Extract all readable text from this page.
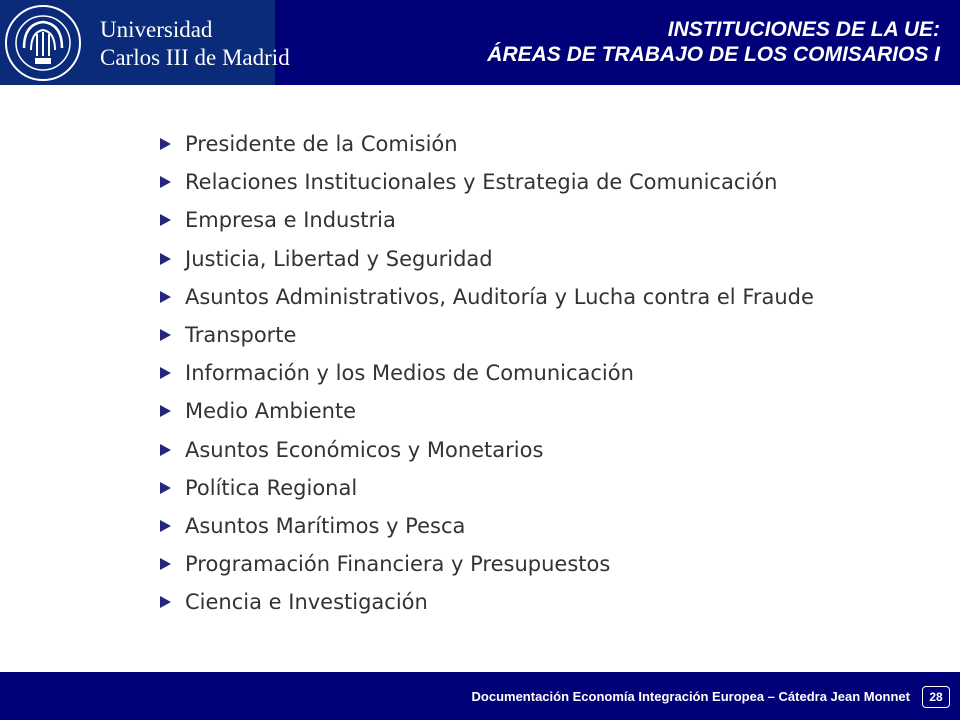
Universidad
Carlos III de Madrid
INSTITUCIONES DE LA UE:
ÁREAS DE TRABAJO DE LOS COMISARIOS I
Presidente de la Comisión
Relaciones Institucionales y Estrategia de Comunicación
Empresa e Industria
Justicia, Libertad y Seguridad
Asuntos Administrativos, Auditoría y Lucha contra el Fraude
Transporte
Información y los Medios de Comunicación
Medio Ambiente
Asuntos Económicos y Monetarios
Política Regional
Asuntos Marítimos y Pesca
Programación Financiera y Presupuestos
Ciencia e Investigación
Documentación Economía Integración Europea – Cátedra Jean Monnet	28
